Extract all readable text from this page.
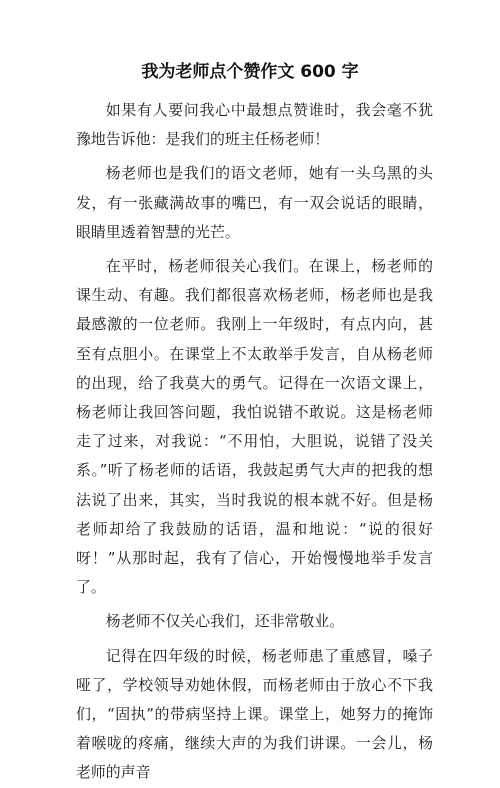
我为老师点个赞作文 600 字

如果有人要问我心中最想点赞谁时，我会毫不犹豫地告诉他：是我们的班主任杨老师！

杨老师也是我们的语文老师，她有一头乌黑的头发，有一张藏满故事的嘴巴，有一双会说话的眼睛，眼睛里透着智慧的光芒。

在平时，杨老师很关心我们。在课上，杨老师的课生动、有趣。我们都很喜欢杨老师，杨老师也是我最感激的一位老师。我刚上一年级时，有点内向，甚至有点胆小。在课堂上不太敢举手发言，自从杨老师的出现，给了我莫大的勇气。记得在一次语文课上，杨老师让我回答问题，我怕说错不敢说。这是杨老师走了过来，对我说：“不用怕，大胆说，说错了没关系。”听了杨老师的话语，我鼓起勇气大声的把我的想法说了出来，其实，当时我说的根本就不好。但是杨老师却给了我鼓励的话语，温和地说：“说的很好呀！”从那时起，我有了信心，开始慢慢地举手发言了。

杨老师不仅关心我们，还非常敬业。

记得在四年级的时候，杨老师患了重感冒，嗓子哑了，学校领导劝她休假，而杨老师由于放心不下我们，“固执”的带病坚持上课。课堂上，她努力的掩饰着喉咙的疼痛，继续大声的为我们讲课。一会儿，杨老师的声音
